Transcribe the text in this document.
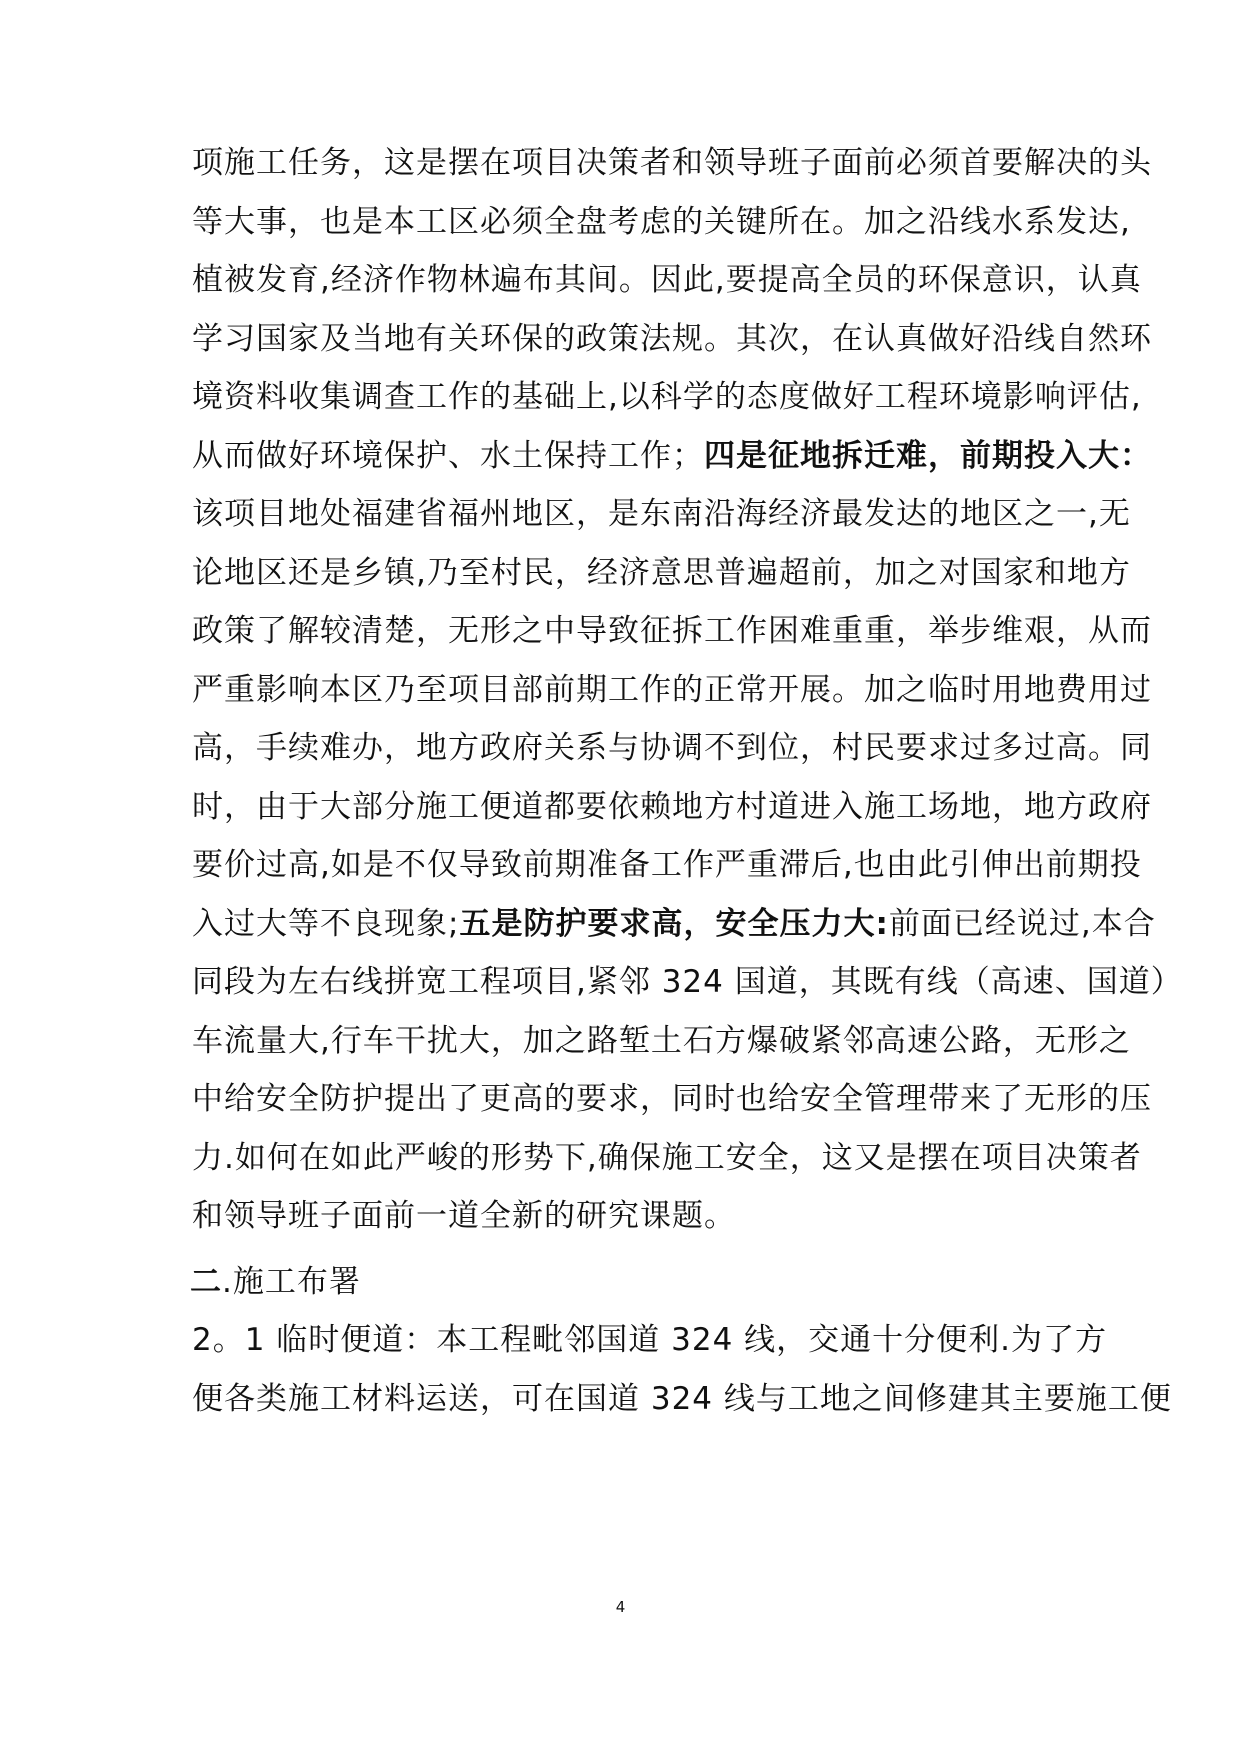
项施工任务，这是摆在项目决策者和领导班子面前必须首要解决的头
等大事，也是本工区必须全盘考虑的关键所在。加之沿线水系发达,
植被发育,经济作物林遍布其间。因此,要提高全员的环保意识，认真
学习国家及当地有关环保的政策法规。其次，在认真做好沿线自然环
境资料收集调查工作的基础上,以科学的态度做好工程环境影响评估,
从而做好环境保护、水土保持工作；四是征地拆迁难，前期投入大：
该项目地处福建省福州地区，是东南沿海经济最发达的地区之一,无
论地区还是乡镇,乃至村民，经济意思普遍超前，加之对国家和地方
政策了解较清楚，无形之中导致征拆工作困难重重，举步维艰，从而
严重影响本区乃至项目部前期工作的正常开展。加之临时用地费用过
高，手续难办，地方政府关系与协调不到位，村民要求过多过高。同
时，由于大部分施工便道都要依赖地方村道进入施工场地，地方政府
要价过高,如是不仅导致前期准备工作严重滞后,也由此引伸出前期投
入过大等不良现象;五是防护要求高，安全压力大:前面已经说过,本合
同段为左右线拼宽工程项目,紧邻 324 国道，其既有线（高速、国道）
车流量大,行车干扰大，加之路堑土石方爆破紧邻高速公路，无形之
中给安全防护提出了更高的要求，同时也给安全管理带来了无形的压
力.如何在如此严峻的形势下,确保施工安全，这又是摆在项目决策者
和领导班子面前一道全新的研究课题。
二.施工布署
2。1 临时便道：本工程毗邻国道 324 线，交通十分便利.为了方
便各类施工材料运送，可在国道 324 线与工地之间修建其主要施工便
4
